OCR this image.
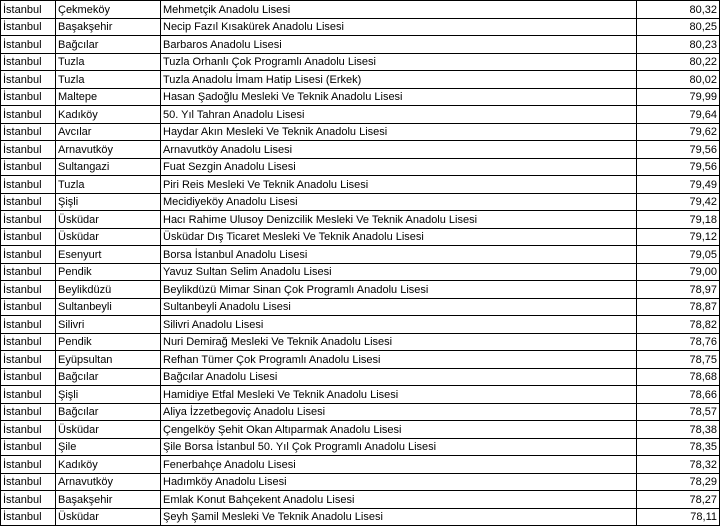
İstanbul	Çekmeköy	Mehmetçik Anadolu Lisesi	80,32
İstanbul	Başakşehir	Necip Fazıl Kısakürek Anadolu Lisesi	80,25
İstanbul	Bağcılar	Barbaros Anadolu Lisesi	80,23
İstanbul	Tuzla	Tuzla Orhanlı Çok Programlı Anadolu Lisesi	80,22
İstanbul	Tuzla	Tuzla Anadolu İmam Hatip Lisesi (Erkek)	80,02
İstanbul	Maltepe	Hasan Şadoğlu Mesleki Ve Teknik Anadolu Lisesi	79,99
İstanbul	Kadıköy	50. Yıl Tahran Anadolu Lisesi	79,64
İstanbul	Avcılar	Haydar Akın Mesleki Ve Teknik Anadolu Lisesi	79,62
İstanbul	Arnavutköy	Arnavutköy Anadolu Lisesi	79,56
İstanbul	Sultangazi	Fuat Sezgin Anadolu Lisesi	79,56
İstanbul	Tuzla	Piri Reis Mesleki Ve Teknik Anadolu Lisesi	79,49
İstanbul	Şişli	Mecidiyeköy Anadolu Lisesi	79,42
İstanbul	Üsküdar	Hacı Rahime Ulusoy Denizcilik Mesleki Ve Teknik Anadolu Lisesi	79,18
İstanbul	Üsküdar	Üsküdar Dış Ticaret Mesleki Ve Teknik Anadolu Lisesi	79,12
İstanbul	Esenyurt	Borsa İstanbul Anadolu Lisesi	79,05
İstanbul	Pendik	Yavuz Sultan Selim Anadolu Lisesi	79,00
İstanbul	Beylikdüzü	Beylikdüzü Mimar Sinan Çok Programlı Anadolu Lisesi	78,97
İstanbul	Sultanbeyli	Sultanbeyli Anadolu Lisesi	78,87
İstanbul	Silivri	Silivri Anadolu Lisesi	78,82
İstanbul	Pendik	Nuri Demirağ Mesleki Ve Teknik Anadolu Lisesi	78,76
İstanbul	Eyüpsultan	Refhan Tümer Çok Programlı Anadolu Lisesi	78,75
İstanbul	Bağcılar	Bağcılar Anadolu Lisesi	78,68
İstanbul	Şişli	Hamidiye Etfal Mesleki Ve Teknik Anadolu Lisesi	78,66
İstanbul	Bağcılar	Aliya İzzetbegoviç Anadolu Lisesi	78,57
İstanbul	Üsküdar	Çengelköy Şehit Okan Altıparmak Anadolu Lisesi	78,38
İstanbul	Şile	Şile Borsa İstanbul 50. Yıl Çok Programlı Anadolu Lisesi	78,35
İstanbul	Kadıköy	Fenerbahçe Anadolu Lisesi	78,32
İstanbul	Arnavutköy	Hadımköy Anadolu Lisesi	78,29
İstanbul	Başakşehir	Emlak Konut Bahçekent Anadolu Lisesi	78,27
İstanbul	Üsküdar	Şeyh Şamil Mesleki Ve Teknik Anadolu Lisesi	78,11
